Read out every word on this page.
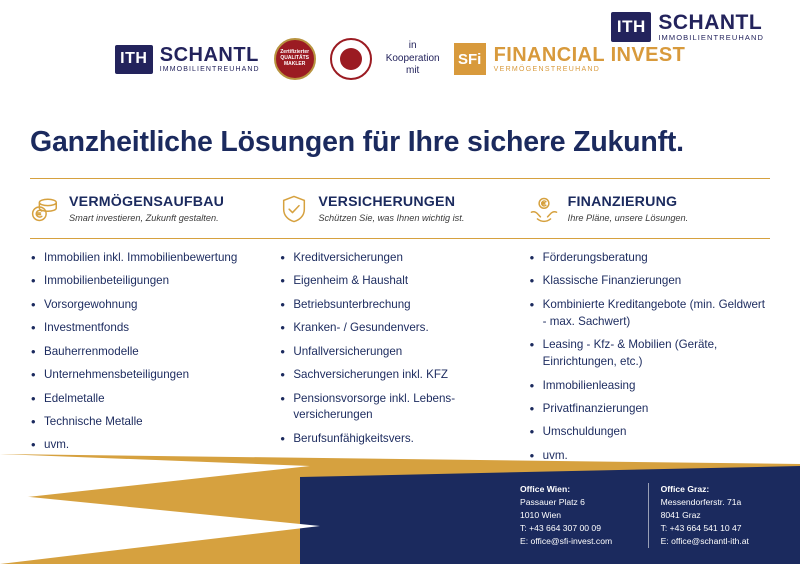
ITH SCHANTL
IMMOBILIENTREUHAND
ITH SCHANTL
IMMOBILIENTREUHAND
Zertifizierter
QUALITÄTS
MAKLER
in
Kooperation
mit
SFi FINANCIAL INVEST
VERMÖGENSTREUHAND
Ganzheitliche Lösungen für Ihre sichere Zukunft.
VERMÖGENSAUFBAU
Smart investieren, Zukunft gestalten.
• Immobilien inkl. Immobilienbewertung
• Immobilienbeteiligungen
• Vorsorgewohnung
• Investmentfonds
• Bauherrenmodelle
• Unternehmensbeteiligungen
• Edelmetalle
• Technische Metalle
• uvm.
VERSICHERUNGEN
Schützen Sie, was Ihnen wichtig ist.
• Kreditversicherungen
• Eigenheim & Haushalt
• Betriebsunterbrechung
• Kranken- / Gesundenvers.
• Unfallversicherungen
• Sachversicherungen inkl. KFZ
• Pensionsvorsorge inkl. Lebens-versicherungen
• Berufsunfähigkeitsvers.
•
FINANZIERUNG
Ihre Pläne, unsere Lösungen.
• Förderungsberatung
• Klassische Finanzierungen
• Kombinierte Kreditangebote (min. Geldwert - max. Sachwert)
• Leasing - Kfz- & Mobilien (Geräte, Einrichtungen, etc.)
• Immobilienleasing
• Privatfinanzierungen
• Umschuldungen
• uvm.
Office Wien:
Passauer Platz 6
1010 Wien
T: +43 664 307 00 09
E: office@sfi-invest.com
Office Graz:
Messendorferstr. 71a
8041 Graz
T: +43 664 541 10 47
E: office@schantl-ith.at
